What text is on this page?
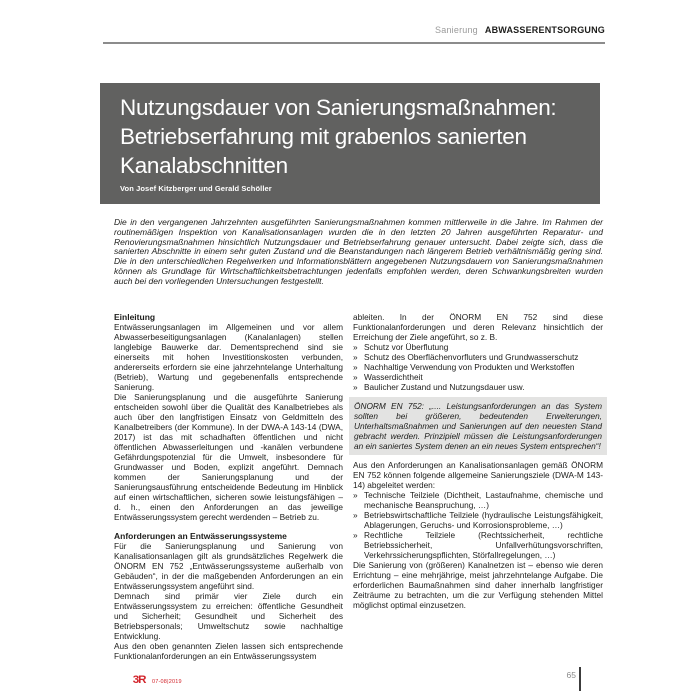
Sanierung ABWASSERENTSORGUNG
Nutzungsdauer von Sanierungsmaßnahmen: Betriebserfahrung mit grabenlos sanierten Kanalabschnitten
Von Josef Kitzberger und Gerald Schöller

Die in den vergangenen Jahrzehnten ausgeführten Sanierungsmaßnahmen kommen mittlerweile in die Jahre. Im Rahmen der routinemäßigen Inspektion von Kanalisationsanlagen wurden die in den letzten 20 Jahren ausgeführten Reparatur- und Renovierungsmaßnahmen hinsichtlich Nutzungsdauer und Betriebserfahrung genauer untersucht. Dabei zeigte sich, dass die sanierten Abschnitte in einem sehr guten Zustand und die Beanstandungen nach längerem Betrieb verhältnismäßig gering sind. Die in den unterschiedlichen Regelwerken und Informationsblättern angegebenen Nutzungsdauern von Sanierungsmaßnahmen können als Grundlage für Wirtschaftlichkeitsbetrachtungen jedenfalls empfohlen werden, deren Schwankungsbreiten wurden auch bei den vorliegenden Untersuchungen festgestellt.

Einleitung

Entwässerungsanlagen im Allgemeinen und vor allem Abwasserbeseitigungsanlagen (Kanalanlagen) stellen langlebige Bauwerke dar. Dementsprechend sind sie einerseits mit hohen Investitionskosten verbunden, andererseits erfordern sie eine jahrzehntelange Unterhaltung (Betrieb), Wartung und gegebenenfalls entsprechende Sanierung.

Die Sanierungsplanung und die ausgeführte Sanierung entscheiden sowohl über die Qualität des Kanalbetriebes als auch über den langfristigen Einsatz von Geldmitteln des Kanalbetreibers (der Kommune). In der DWA-A 143-14 (DWA, 2017) ist das mit schadhaften öffentlichen und nicht öffentlichen Abwasserleitungen und -kanälen verbundene Gefährdungspotenzial für die Umwelt, insbesondere für Grundwasser und Boden, explizit angeführt. Demnach kommen der Sanierungsplanung und der Sanierungsausführung entscheidende Bedeutung im Hinblick auf einen wirtschaftlichen, sicheren sowie leistungsfähigen – d. h., einen den Anforderungen an das jeweilige Entwässerungssystem gerecht werdenden – Betrieb zu.

Anforderungen an Entwässerungssysteme

Für die Sanierungsplanung und Sanierung von Kanalisationsanlagen gilt als grundsätzliches Regelwerk die ÖNORM EN 752 „Entwässerungssysteme außerhalb von Gebäuden“, in der die maßgebenden Anforderungen an ein Entwässerungssystem angeführt sind.

Demnach sind primär vier Ziele durch ein Entwässerungssystem zu erreichen: öffentliche Gesundheit und Sicherheit; Gesundheit und Sicherheit des Betriebspersonals; Umweltschutz sowie nachhaltige Entwicklung.

Aus den oben genannten Zielen lassen sich entsprechende Funktionalanforderungen an ein Entwässerungssystem

ableiten. In der ÖNORM EN 752 sind diese Funktionalanforderungen und deren Relevanz hinsichtlich der Erreichung der Ziele angeführt, so z. B.

» Schutz vor Überflutung
» Schutz des Oberflächenvorfluters und Grundwasserschutz
» Nachhaltige Verwendung von Produkten und Werkstoffen
» Wasserdichtheit
» Baulicher Zustand und Nutzungsdauer usw.
ÖNORM EN 752: „.... Leistungsanforderungen an das System sollten bei größeren, bedeutenden Erweiterungen, Unterhaltsmaßnahmen und Sanierungen auf den neuesten Stand gebracht werden. Prinzipiell müssen die Leistungsanforderungen an ein saniertes System denen an ein neues System entsprechen“!

Aus den Anforderungen an Kanalisationsanlagen gemäß ÖNORM EN 752 können folgende allgemeine Sanierungsziele (DWA-M 143-14) abgeleitet werden:

» Technische Teilziele (Dichtheit, Lastaufnahme, chemische und mechanische Beanspruchung, …)
» Betriebswirtschaftliche Teilziele (hydraulische Leistungsfähigkeit, Ablagerungen, Geruchs- und Korrosionsprobleme, …)
» Rechtliche Teilziele (Rechtssicherheit, rechtliche Betriebssicherheit, Unfallverhütungsvorschriften, Verkehrssicherungspflichten, Störfallregelungen, …)

Die Sanierung von (größeren) Kanalnetzen ist – ebenso wie deren Errichtung – eine mehrjährige, meist jahrzehntelange Aufgabe. Die erforderlichen Baumaßnahmen sind daher innerhalb langfristiger Zeiträume zu betrachten, um die zur Verfügung stehenden Mittel möglichst optimal einzusetzen.

3R 07-08|2019
65
